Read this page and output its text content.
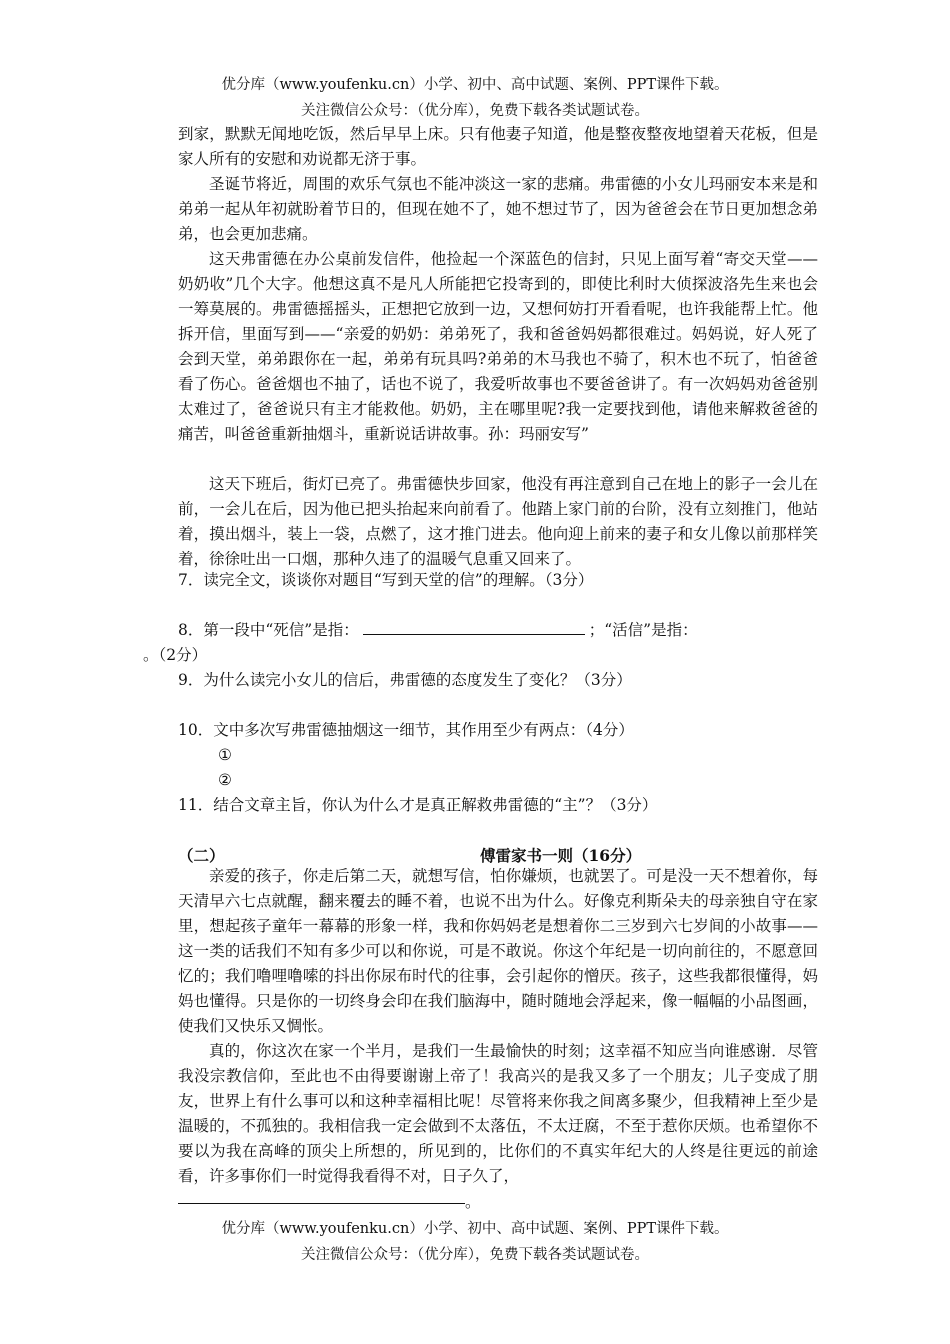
优分库（www.youfenku.cn）小学、初中、高中试题、案例、PPT课件下载。
关注微信公众号：（优分库），免费下载各类试题试卷。

到家，默默无闻地吃饭，然后早早上床。只有他妻子知道，他是整夜整夜地望着天花板，但是家人所有的安慰和劝说都无济于事。

圣诞节将近，周围的欢乐气氛也不能冲淡这一家的悲痛。弗雷德的小女儿玛丽安本来是和弟弟一起从年初就盼着节日的，但现在她不了，她不想过节了，因为爸爸会在节日更加想念弟弟，也会更加悲痛。

这天弗雷德在办公桌前发信件，他捡起一个深蓝色的信封，只见上面写着“寄交天堂——奶奶收”几个大字。他想这真不是凡人所能把它投寄到的，即使比利时大侦探波洛先生来也会一筹莫展的。弗雷德摇摇头，正想把它放到一边，又想何妨打开看看呢，也许我能帮上忙。他拆开信，里面写到——“亲爱的奶奶：弟弟死了，我和爸爸妈妈都很难过。妈妈说，好人死了会到天堂，弟弟跟你在一起，弟弟有玩具吗?弟弟的木马我也不骑了，积木也不玩了，怕爸爸看了伤心。爸爸烟也不抽了，话也不说了，我爱听故事也不要爸爸讲了。有一次妈妈劝爸爸别太难过了，爸爸说只有主才能救他。奶奶，主在哪里呢?我一定要找到他，请他来解救爸爸的痛苦，叫爸爸重新抽烟斗，重新说话讲故事。孙：玛丽安写”

这天下班后，街灯已亮了。弗雷德快步回家，他没有再注意到自己在地上的影子一会儿在前，一会儿在后，因为他已把头抬起来向前看了。他踏上家门前的台阶，没有立刻推门，他站着，摸出烟斗，装上一袋，点燃了，这才推门进去。他向迎上前来的妻子和女儿像以前那样笑着，徐徐吐出一口烟，那种久违了的温暖气息重又回来了。

7．读完全文，谈谈你对题目“写到天堂的信”的理解。（3分）
8．第一段中“死信”是指：	；“活信”是指：
。（2分）
9．为什么读完小女儿的信后，弗雷德的态度发生了变化？（3分）
10．文中多次写弗雷德抽烟这一细节，其作用至少有两点：（4分）
①
②
11．结合文章主旨，你认为什么才是真正解救弗雷德的“主”？（3分）
（二）	傅雷家书一则（16分）

亲爱的孩子，你走后第二天，就想写信，怕你嫌烦，也就罢了。可是没一天不想着你，每天清早六七点就醒，翻来覆去的睡不着，也说不出为什么。好像克利斯朵夫的母亲独自守在家里，想起孩子童年一幕幕的形象一样，我和你妈妈老是想着你二三岁到六七岁间的小故事——这一类的话我们不知有多少可以和你说，可是不敢说。你这个年纪是一切向前往的，不愿意回忆的；我们噜哩噜嗦的抖出你尿布时代的往事，会引起你的憎厌。孩子，这些我都很懂得，妈妈也懂得。只是你的一切终身会印在我们脑海中，随时随地会浮起来，像一幅幅的小品图画，使我们又快乐又惆怅。

真的，你这次在家一个半月，是我们一生最愉快的时刻；这幸福不知应当向谁感谢．尽管我没宗教信仰，至此也不由得要谢谢上帝了！我高兴的是我又多了一个朋友；儿子变成了朋友，世界上有什么事可以和这种幸福相比呢！尽管将来你我之间离多聚少，但我精神上至少是温暖的，不孤独的。我相信我一定会做到不太落伍，不太迂腐，不至于惹你厌烦。也希望你不要以为我在高峰的顶尖上所想的，所见到的，比你们的不真实年纪大的人终是往更远的前途看，许多事你们一时觉得我看得不对，日子久了，

。
优分库（www.youfenku.cn）小学、初中、高中试题、案例、PPT课件下载。
关注微信公众号：（优分库），免费下载各类试题试卷。
